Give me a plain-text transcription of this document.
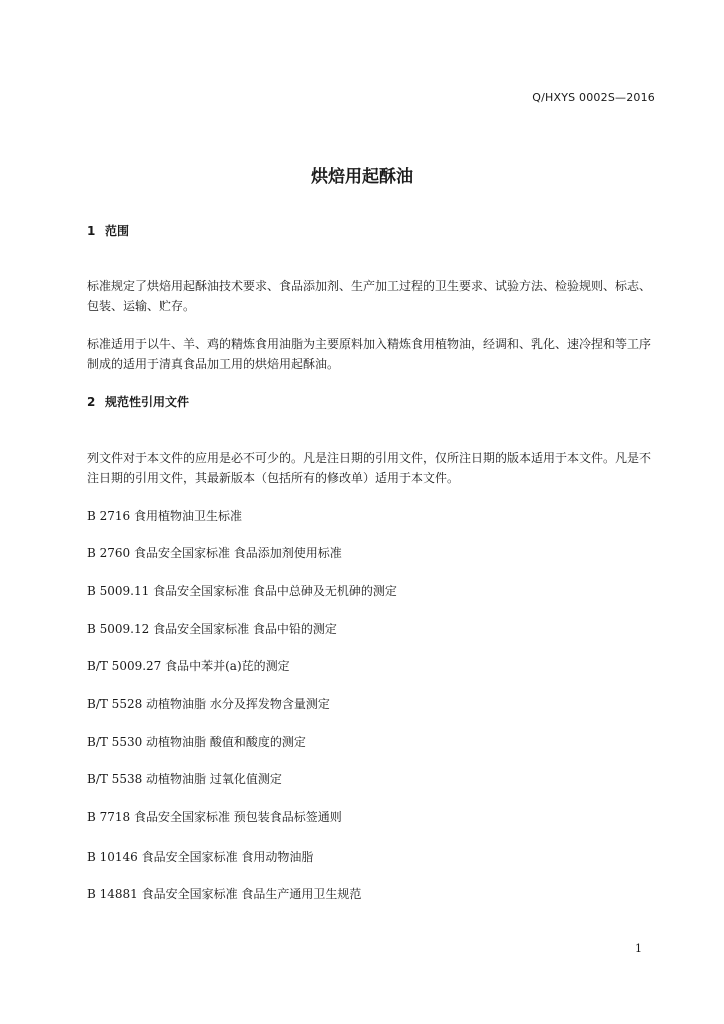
Q/HXYS 0002S—2016
烘焙用起酥油
1 范围
标准规定了烘焙用起酥油技术要求、食品添加剂、生产加工过程的卫生要求、试验方法、检验规则、标志、包装、运输、贮存。
标准适用于以牛、羊、鸡的精炼食用油脂为主要原料加入精炼食用植物油，经调和、乳化、速冷捏和等工序制成的适用于清真食品加工用的烘焙用起酥油。
2 规范性引用文件
列文件对于本文件的应用是必不可少的。凡是注日期的引用文件，仅所注日期的版本适用于本文件。凡是不注日期的引用文件，其最新版本（包括所有的修改单）适用于本文件。
B 2716 食用植物油卫生标准
B 2760 食品安全国家标准 食品添加剂使用标准
B 5009.11 食品安全国家标准 食品中总砷及无机砷的测定
B 5009.12 食品安全国家标准 食品中铅的测定
B/T 5009.27 食品中苯并(a)芘的测定
B/T 5528 动植物油脂 水分及挥发物含量测定
B/T 5530 动植物油脂 酸值和酸度的测定
B/T 5538 动植物油脂 过氧化值测定
B 7718 食品安全国家标准 预包装食品标签通则
B 10146 食品安全国家标准 食用动物油脂
B 14881 食品安全国家标准 食品生产通用卫生规范
1
